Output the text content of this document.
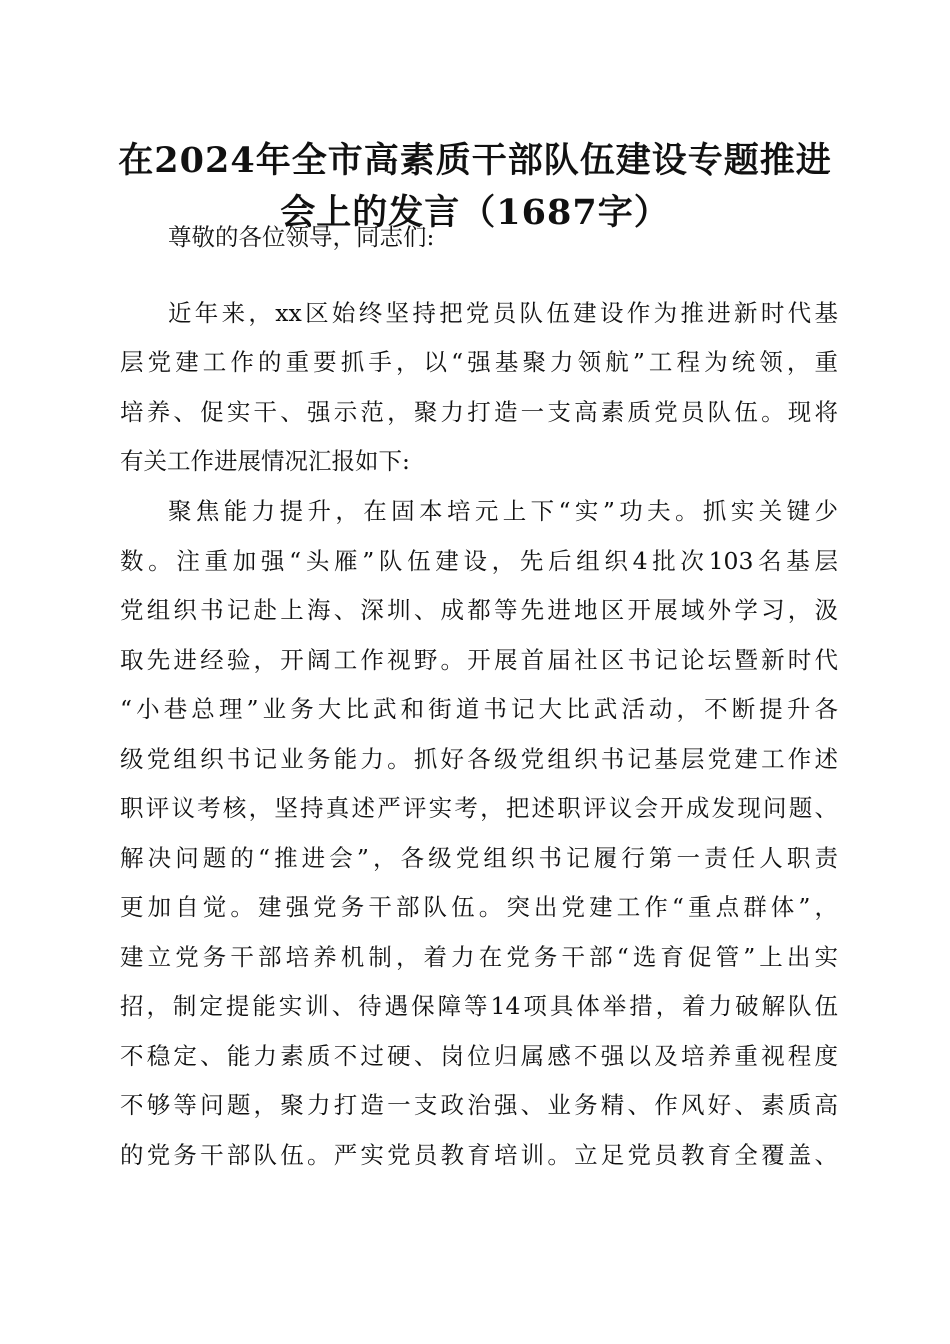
在2024年全市高素质干部队伍建设专题推进
会上的发言（1687字）
尊敬的各位领导，同志们:
近年来，xx区始终坚持把党员队伍建设作为推进新时代基
层党建工作的重要抓手，以“强基聚力领航”工程为统领，重
培养、促实干、强示范，聚力打造一支高素质党员队伍。现将
有关工作进展情况汇报如下:
聚焦能力提升，在固本培元上下“实”功夫。抓实关键少
数。注重加强“头雁”队伍建设，先后组织4批次103名基层
党组织书记赴上海、深圳、成都等先进地区开展域外学习，汲
取先进经验，开阔工作视野。开展首届社区书记论坛暨新时代
“小巷总理”业务大比武和街道书记大比武活动，不断提升各
级党组织书记业务能力。抓好各级党组织书记基层党建工作述
职评议考核，坚持真述严评实考，把述职评议会开成发现问题、
解决问题的“推进会”，各级党组织书记履行第一责任人职责
更加自觉。建强党务干部队伍。突出党建工作“重点群体”，
建立党务干部培养机制，着力在党务干部“选育促管”上出实
招，制定提能实训、待遇保障等14项具体举措，着力破解队伍
不稳定、能力素质不过硬、岗位归属感不强以及培养重视程度
不够等问题，聚力打造一支政治强、业务精、作风好、素质高
的党务干部队伍。严实党员教育培训。立足党员教育全覆盖、
